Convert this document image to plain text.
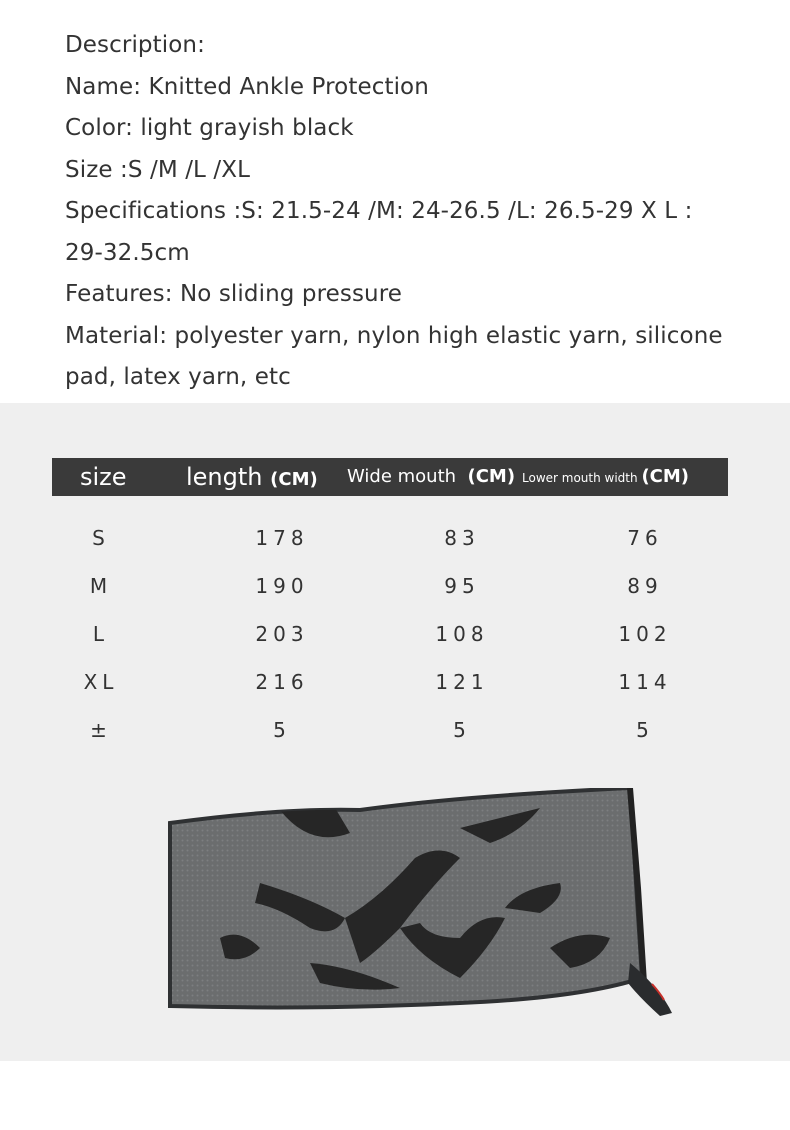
Description:
Name: Knitted Ankle Protection
Color: light grayish black
Size :S /M /L /XL
Specifications :S: 21.5-24 /M: 24-26.5 /L: 26.5-29 X L :
29-32.5cm
Features: No sliding pressure
Material: polyester yarn, nylon high elastic yarn, silicone
pad, latex yarn, etc
size length (CM) Wide mouth (CM) Lower mouth width (CM)
S	178	83	76
M	190	95	89
L	203	108	102
XL	216	121	114
±	5	5	5
